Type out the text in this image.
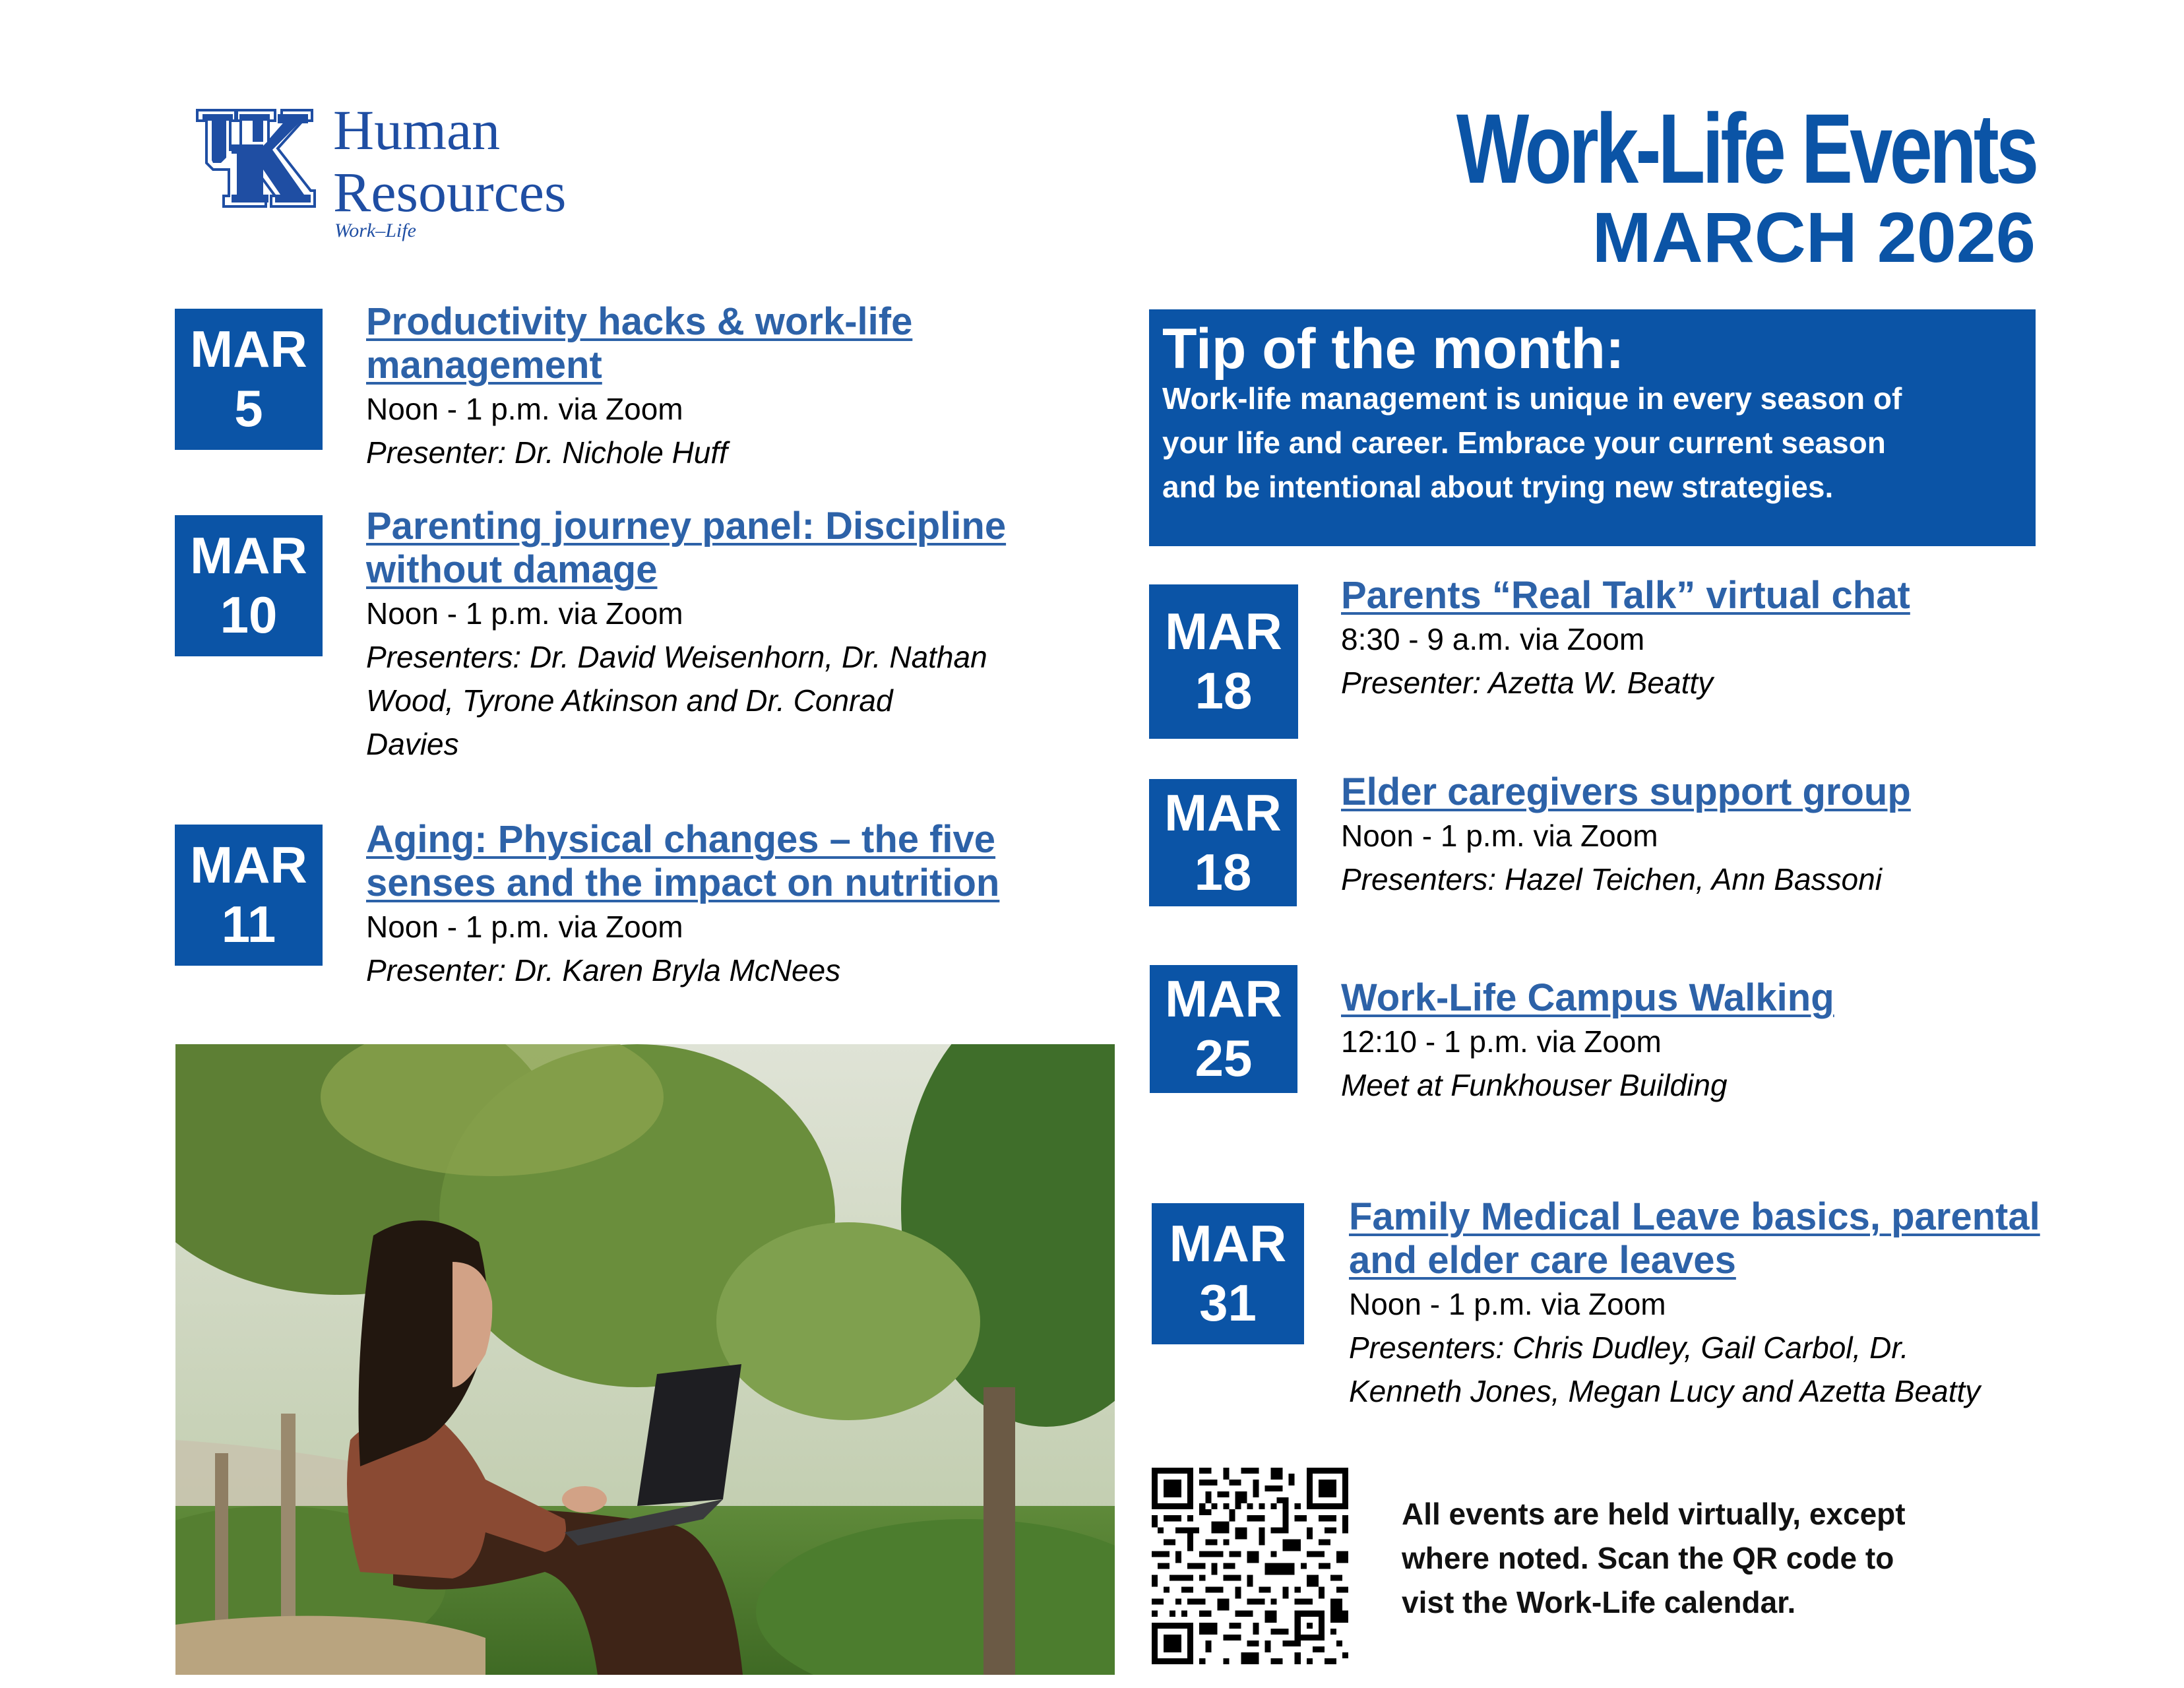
Human
Resources
Work–Life
Work-Life Events
MARCH 2026
Tip of the month:
Work-life management is unique in every season of
your life and career. Embrace your current season
and be intentional about trying new strategies.
MAR
5
Productivity hacks & work-life
management
Noon - 1 p.m. via Zoom
Presenter: Dr. Nichole Huff
MAR
10
Parenting journey panel: Discipline
without damage
Noon - 1 p.m. via Zoom
Presenters: Dr. David Weisenhorn, Dr. Nathan
Wood, Tyrone Atkinson and Dr. Conrad
Davies
MAR
11
Aging: Physical changes – the five
senses and the impact on nutrition
Noon - 1 p.m. via Zoom
Presenter: Dr. Karen Bryla McNees
MAR
18
Parents “Real Talk” virtual chat
8:30 - 9 a.m. via Zoom
Presenter: Azetta W. Beatty
MAR
18
Elder caregivers support group
Noon - 1 p.m. via Zoom
Presenters: Hazel Teichen, Ann Bassoni
MAR
25
Work-Life Campus Walking
12:10 - 1 p.m. via Zoom
Meet at Funkhouser Building
MAR
31
Family Medical Leave basics, parental
and elder care leaves
Noon - 1 p.m. via Zoom
Presenters: Chris Dudley, Gail Carbol, Dr.
Kenneth Jones, Megan Lucy and Azetta Beatty
All events are held virtually, except
where noted. Scan the QR code to
vist the Work-Life calendar.
